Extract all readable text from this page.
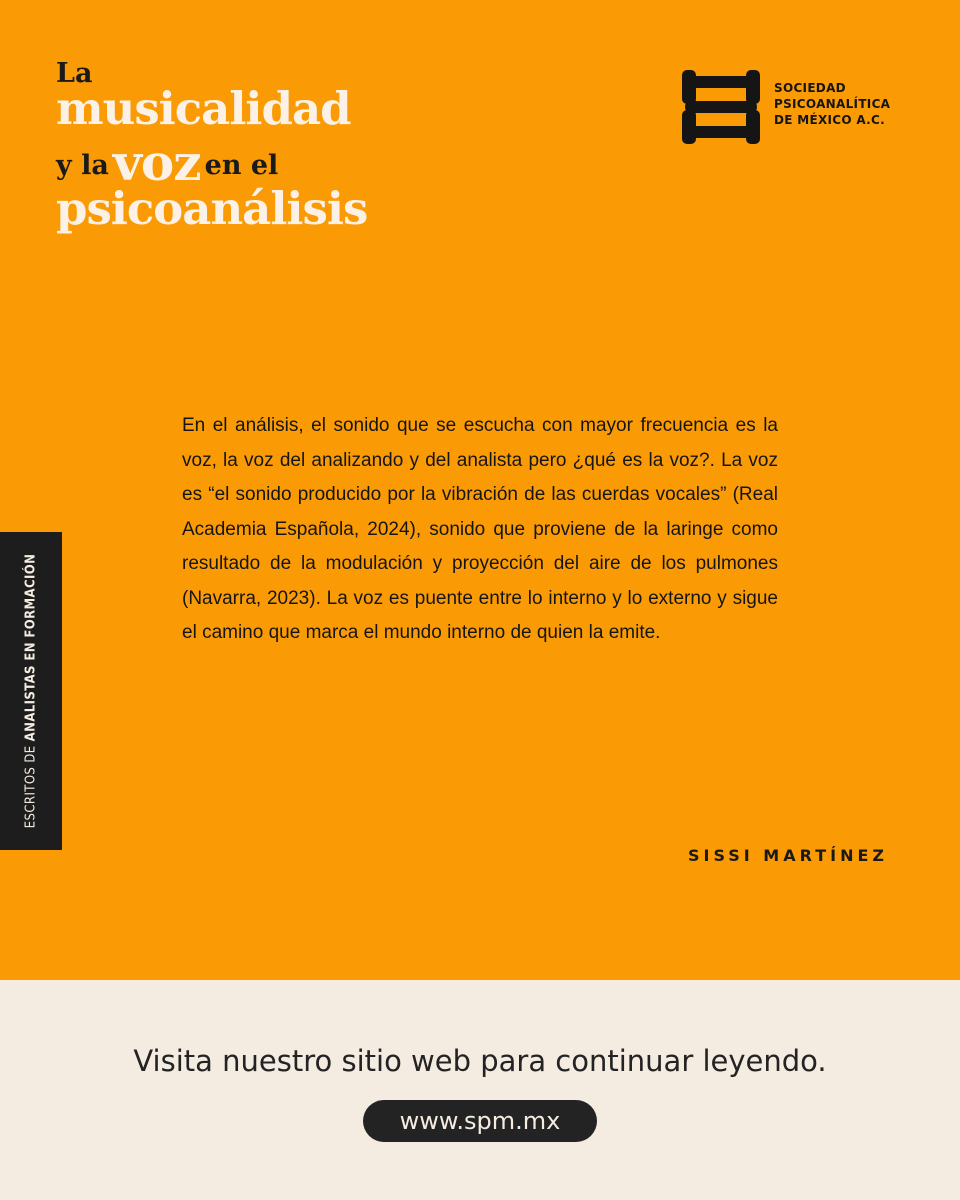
La
musicalidad
y lavoz en el
psicoanálisis
SOCIEDAD
PSICOANALÍTICA
DE MÉXICO A.C.

En el análisis, el sonido que se escucha con mayor frecuencia es la voz, la voz del analizando y del analista pero ¿qué es la voz?. La voz es “el sonido producido por la vibración de las cuerdas vocales” (Real Academia Española, 2024), sonido que proviene de la laringe como resultado de la modulación y proyección del aire de los pulmones (Navarra, 2023). La voz es puente entre lo interno y lo externo y sigue el camino que marca el mundo interno de quien la emite.

SISSI MARTÍNEZ
ESCRITOS DE ANALISTAS EN FORMACIÓN
Visita nuestro sitio web para continuar leyendo.
www.spm.mx
